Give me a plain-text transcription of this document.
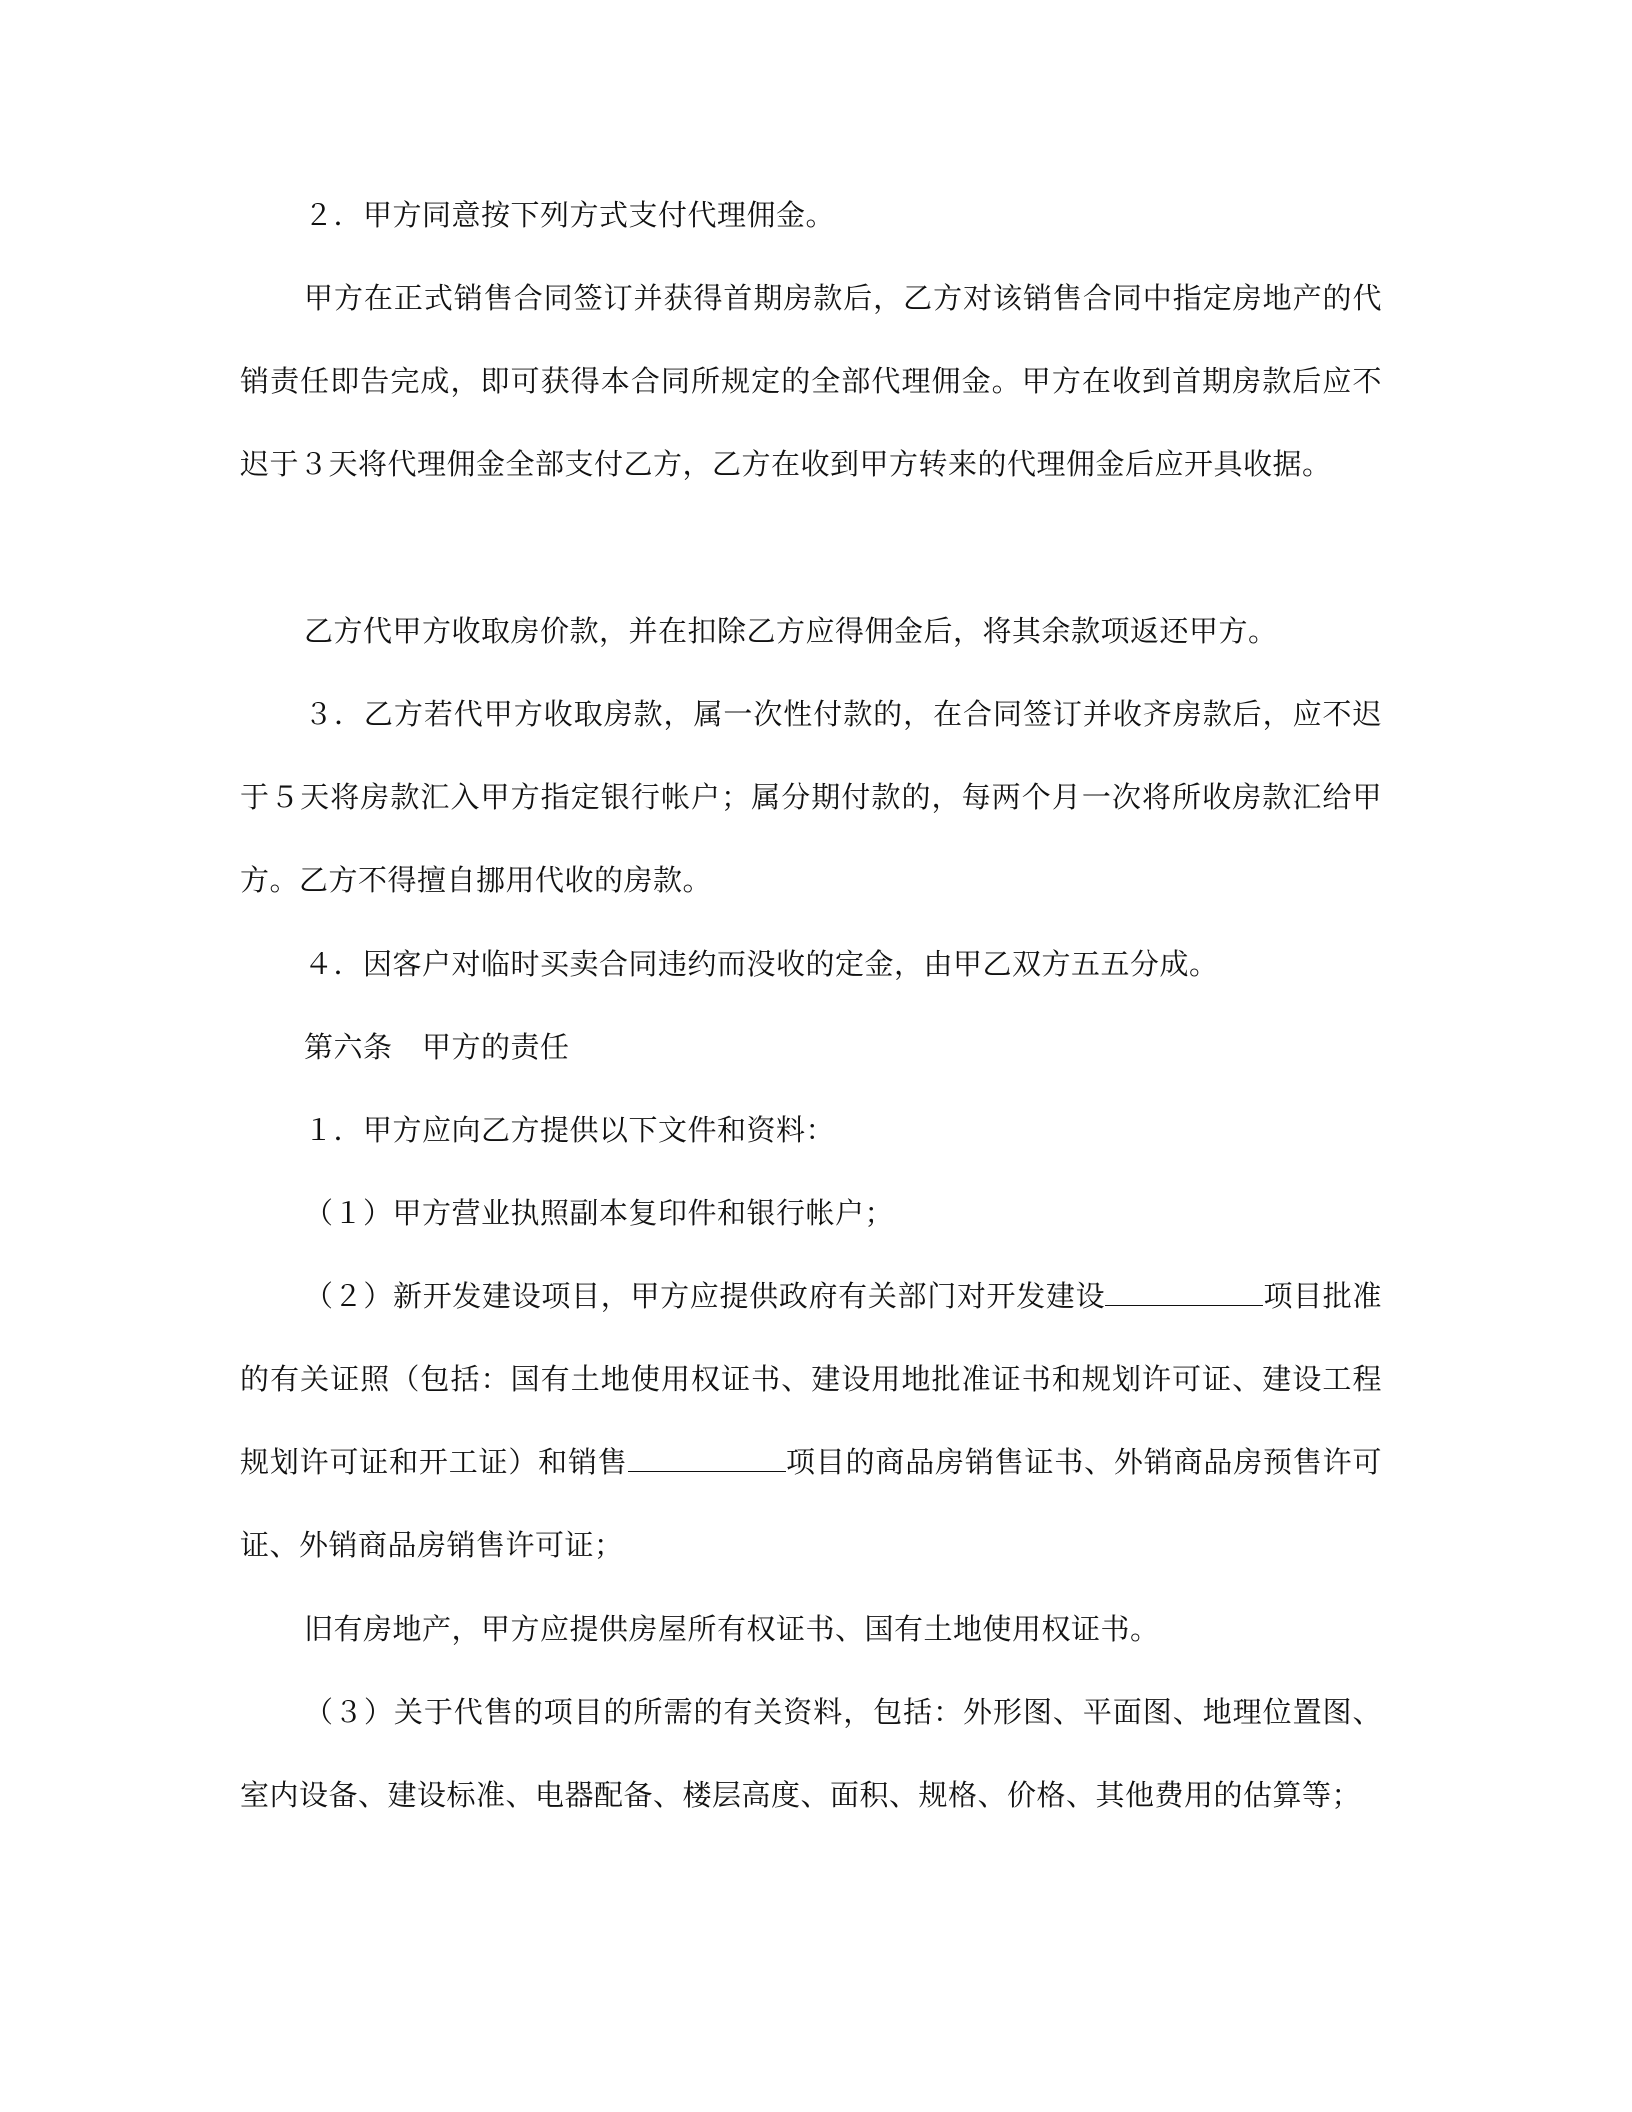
２．甲方同意按下列方式支付代理佣金。

甲方在正式销售合同签订并获得首期房款后，乙方对该销售合同中指定房地产的代销责任即告完成，即可获得本合同所规定的全部代理佣金。甲方在收到首期房款后应不迟于３天将代理佣金全部支付乙方，乙方在收到甲方转来的代理佣金后应开具收据。

乙方代甲方收取房价款，并在扣除乙方应得佣金后，将其余款项返还甲方。

３．乙方若代甲方收取房款，属一次性付款的，在合同签订并收齐房款后，应不迟于５天将房款汇入甲方指定银行帐户；属分期付款的，每两个月一次将所收房款汇给甲方。乙方不得擅自挪用代收的房款。

４．因客户对临时买卖合同违约而没收的定金，由甲乙双方五五分成。

第六条　甲方的责任

１．甲方应向乙方提供以下文件和资料：

（１）甲方营业执照副本复印件和银行帐户；

（２）新开发建设项目，甲方应提供政府有关部门对开发建设	项目批准的有关证照（包括：国有土地使用权证书、建设用地批准证书和规划许可证、建设工程规划许可证和开工证）和销售	项目的商品房销售证书、外销商品房预售许可证、外销商品房销售许可证；

旧有房地产，甲方应提供房屋所有权证书、国有土地使用权证书。

（３）关于代售的项目的所需的有关资料，包括：外形图、平面图、地理位置图、室内设备、建设标准、电器配备、楼层高度、面积、规格、价格、其他费用的估算等；
